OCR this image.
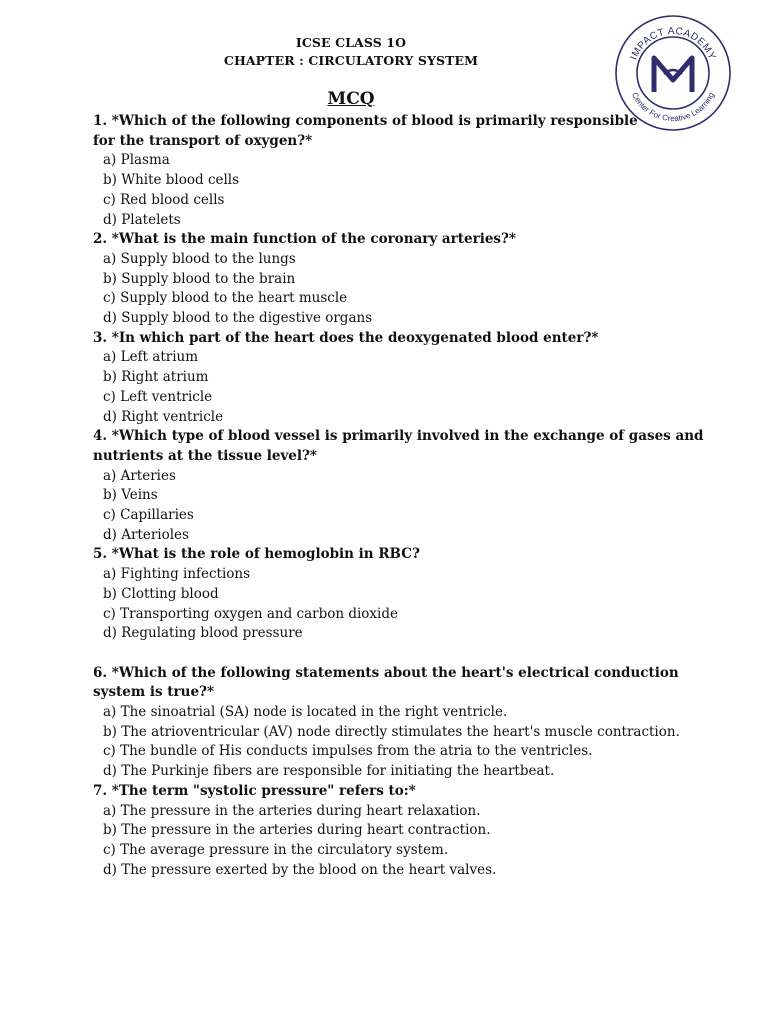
ICSE CLASS 1O
CHAPTER : CIRCULATORY SYSTEM
MCQ
IMPACT ACADEMY
Center For Creative Learning
1. *Which of the following components of blood is primarily responsible
for the transport of oxygen?*
a) Plasma
b) White blood cells
c) Red blood cells
d) Platelets
2. *What is the main function of the coronary arteries?*
a) Supply blood to the lungs
b) Supply blood to the brain
c) Supply blood to the heart muscle
d) Supply blood to the digestive organs
3. *In which part of the heart does the deoxygenated blood enter?*
a) Left atrium
b) Right atrium
c) Left ventricle
d) Right ventricle
4. *Which type of blood vessel is primarily involved in the exchange of gases and
nutrients at the tissue level?*
a) Arteries
b) Veins
c) Capillaries
d) Arterioles
5. *What is the role of hemoglobin in RBC?
a) Fighting infections
b) Clotting blood
c) Transporting oxygen and carbon dioxide
d) Regulating blood pressure
6. *Which of the following statements about the heart's electrical conduction
system is true?*
a) The sinoatrial (SA) node is located in the right ventricle.
b) The atrioventricular (AV) node directly stimulates the heart's muscle contraction.
c) The bundle of His conducts impulses from the atria to the ventricles.
d) The Purkinje fibers are responsible for initiating the heartbeat.
7. *The term "systolic pressure" refers to:*
a) The pressure in the arteries during heart relaxation.
b) The pressure in the arteries during heart contraction.
c) The average pressure in the circulatory system.
d) The pressure exerted by the blood on the heart valves.
